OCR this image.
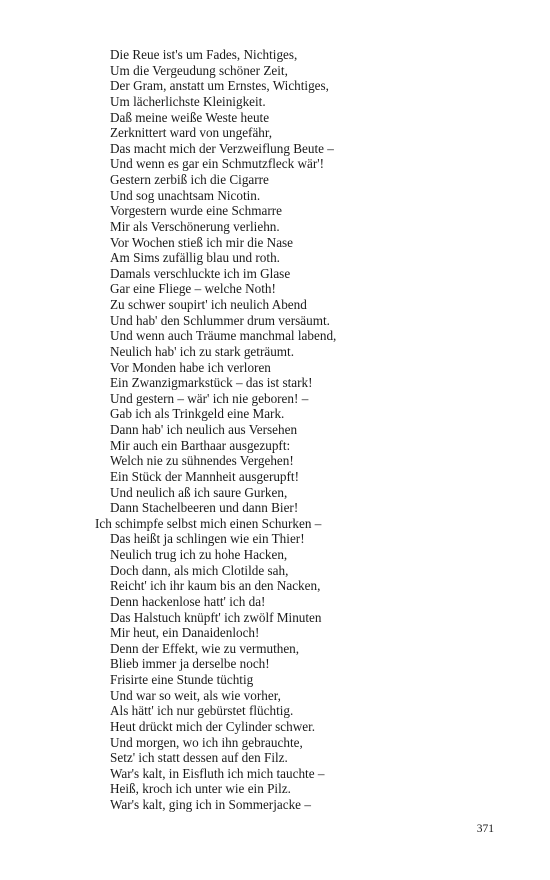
Die Reue ist's um Fades, Nichtiges,
Um die Vergeudung schöner Zeit,
Der Gram, anstatt um Ernstes, Wichtiges,
Um lächerlichste Kleinigkeit.
Daß meine weiße Weste heute
Zerknittert ward von ungefähr,
Das macht mich der Verzweiflung Beute –
Und wenn es gar ein Schmutzfleck wär'!
Gestern zerbiß ich die Cigarre
Und sog unachtsam Nicotin.
Vorgestern wurde eine Schmarre
Mir als Verschönerung verliehn.
Vor Wochen stieß ich mir die Nase
Am Sims zufällig blau und roth.
Damals verschluckte ich im Glase
Gar eine Fliege – welche Noth!
Zu schwer soupirt' ich neulich Abend
Und hab' den Schlummer drum versäumt.
Und wenn auch Träume manchmal labend,
Neulich hab' ich zu stark geträumt.
Vor Monden habe ich verloren
Ein Zwanzigmarkstück – das ist stark!
Und gestern – wär' ich nie geboren! –
Gab ich als Trinkgeld eine Mark.
Dann hab' ich neulich aus Versehen
Mir auch ein Barthaar ausgezupft:
Welch nie zu sühnendes Vergehen!
Ein Stück der Mannheit ausgerupft!
Und neulich aß ich saure Gurken,
Dann Stachelbeeren und dann Bier!
Ich schimpfe selbst mich einen Schurken –
Das heißt ja schlingen wie ein Thier!
Neulich trug ich zu hohe Hacken,
Doch dann, als mich Clotilde sah,
Reicht' ich ihr kaum bis an den Nacken,
Denn hackenlose hatt' ich da!
Das Halstuch knüpft' ich zwölf Minuten
Mir heut, ein Danaidenloch!
Denn der Effekt, wie zu vermuthen,
Blieb immer ja derselbe noch!
Frisirte eine Stunde tüchtig
Und war so weit, als wie vorher,
Als hätt' ich nur gebürstet flüchtig.
Heut drückt mich der Cylinder schwer.
Und morgen, wo ich ihn gebrauchte,
Setz' ich statt dessen auf den Filz.
War's kalt, in Eisfluth ich mich tauchte –
Heiß, kroch ich unter wie ein Pilz.
War's kalt, ging ich in Sommerjacke –
371
